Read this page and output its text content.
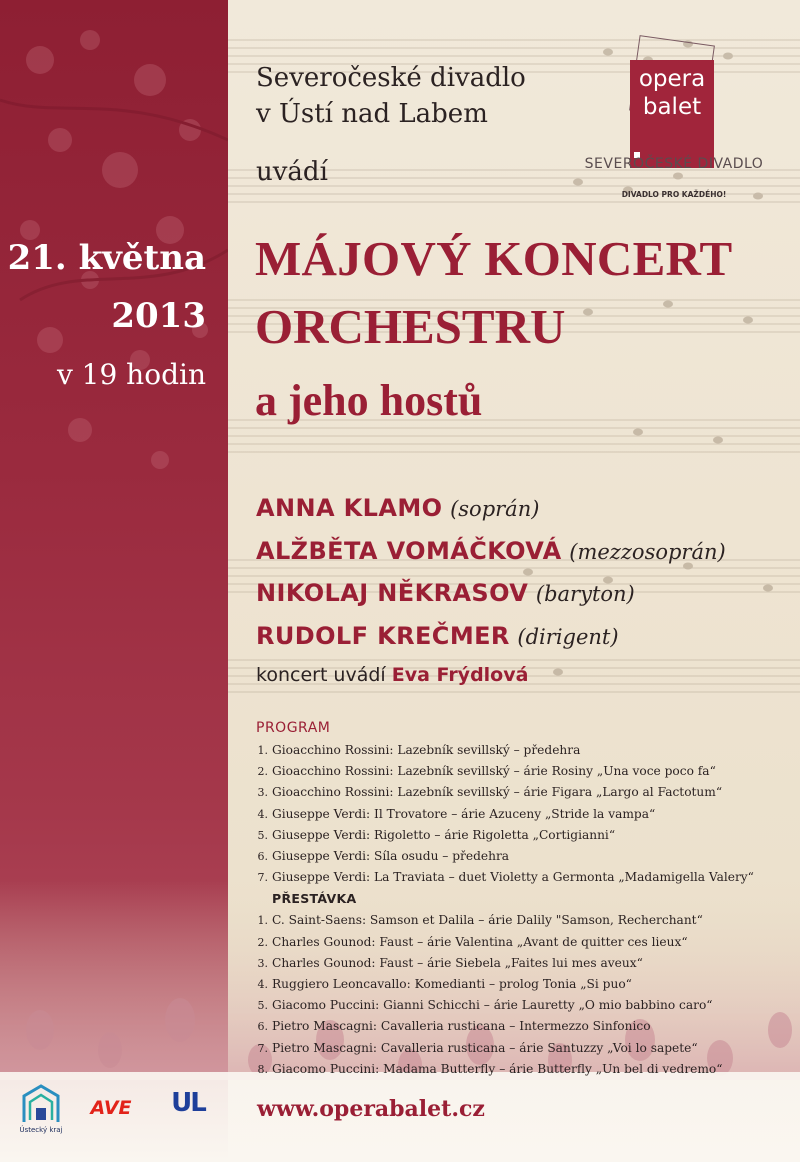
Severočeské divadlo
v Ústí nad Labem
uvádí
opera
balet
SEVEROČESKÉ DIVADLO
DIVADLO PRO KAŽDÉHO!
21. května
2013
v 19 hodin
MÁJOVÝ KONCERT
ORCHESTRU
a jeho hostů
ANNA KLAMO (soprán)
ALŽBĚTA VOMÁČKOVÁ (mezzosoprán)
NIKOLAJ NĚKRASOV (baryton)
RUDOLF KREČMER (dirigent)
koncert uvádí Eva Frýdlová
PROGRAM
1. Gioacchino Rossini: Lazebník sevillský – předehra
2. Gioacchino Rossini: Lazebník sevillský – árie Rosiny „Una voce poco fa“
3. Gioacchino Rossini: Lazebník sevillský – árie Figara „Largo al Factotum“
4. Giuseppe Verdi: Il Trovatore – árie Azuceny „Stride la vampa“
5. Giuseppe Verdi: Rigoletto – árie Rigoletta „Cortigianni“
6. Giuseppe Verdi: Síla osudu – předehra
7. Giuseppe Verdi: La Traviata – duet Violetty a Germonta „Madamigella Valery“
PŘESTÁVKA
1. C. Saint-Saens: Samson et Dalila – árie Dalily "Samson, Recherchant“
2. Charles Gounod: Faust – árie Valentina „Avant de quitter ces lieux“
3. Charles Gounod: Faust – árie Siebela „Faites lui mes aveux“
4. Ruggiero Leoncavallo: Komedianti – prolog Tonia „Si puo“
5. Giacomo Puccini: Gianni Schicchi – árie Lauretty „O mio babbino caro“
6. Pietro Mascagni: Cavalleria rusticana – Intermezzo Sinfonico
7. Pietro Mascagni: Cavalleria rusticana – árie Santuzzy „Voi lo sapete“
8. Giacomo Puccini: Madama Butterfly – árie Butterfly „Un bel di vedremo“
Ústecký kraj
AVE	UL	www.operabalet.cz
